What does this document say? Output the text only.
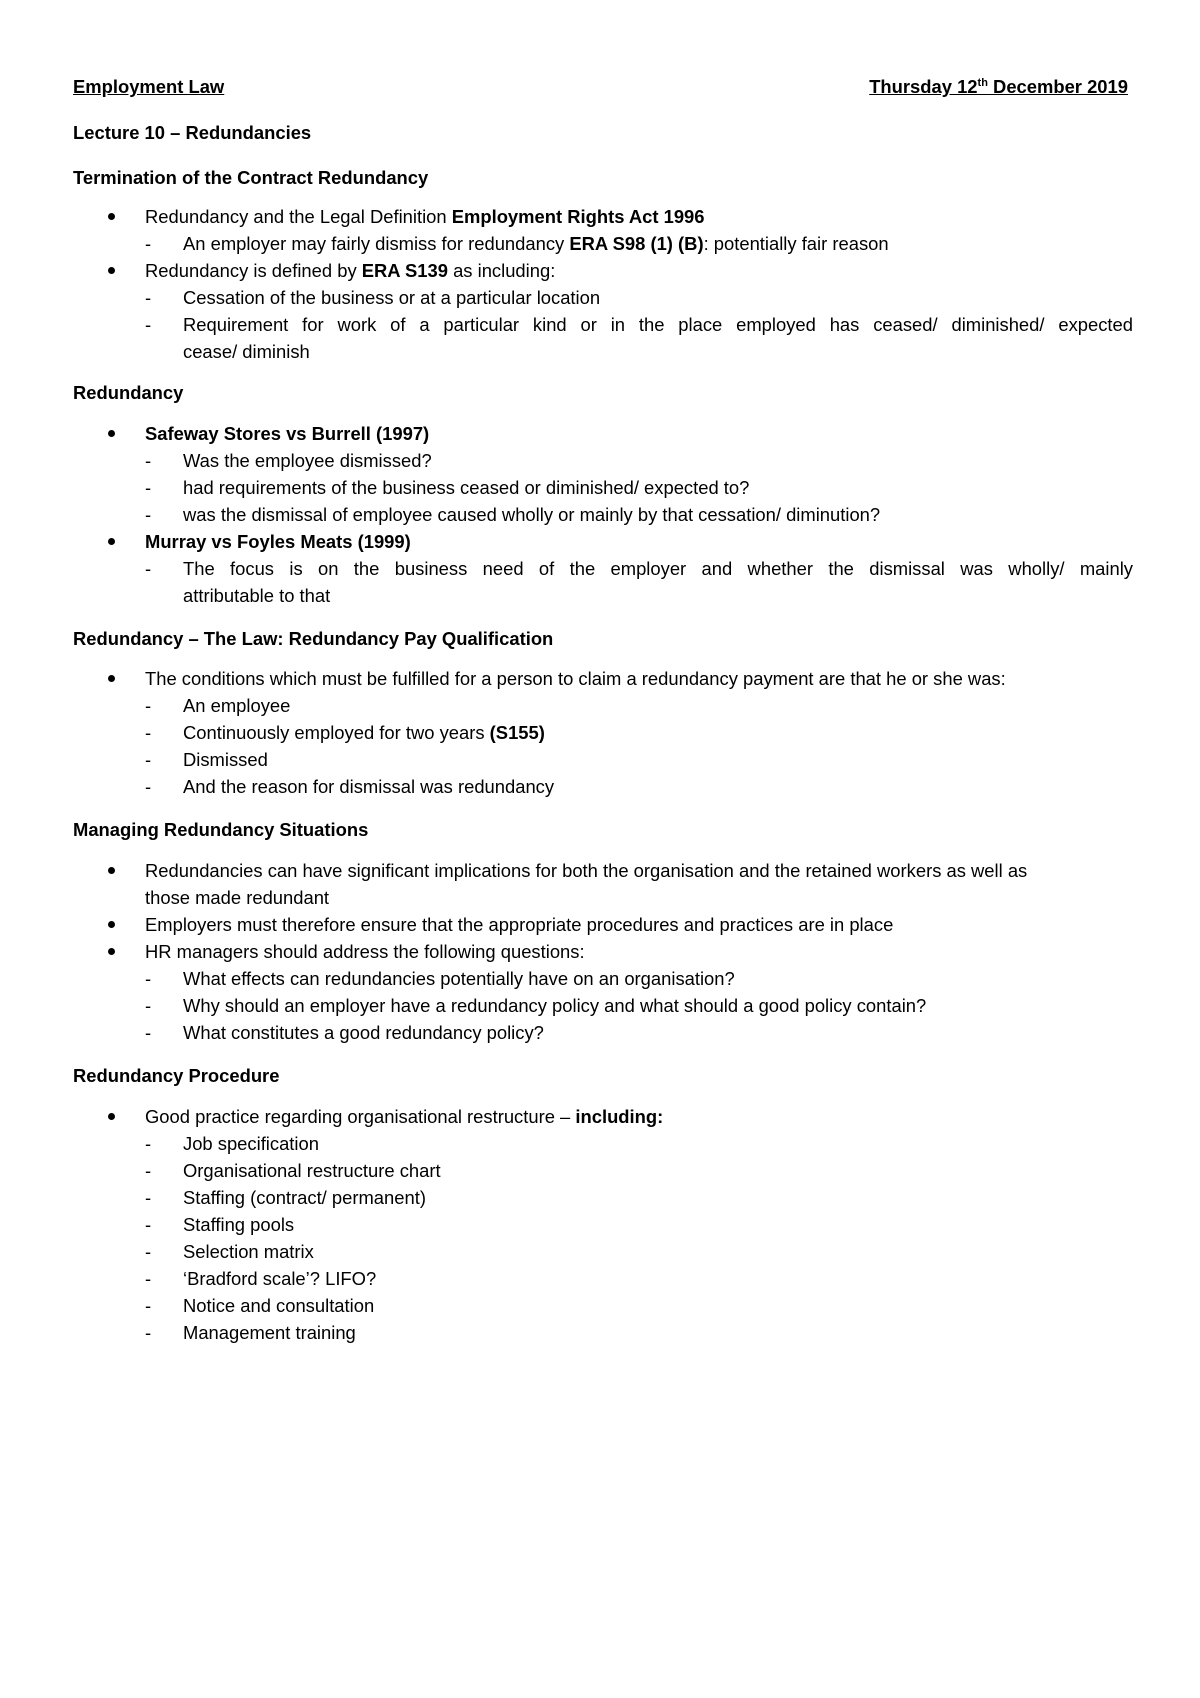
Employment Law	Thursday 12th December 2019
Lecture 10 – Redundancies
Termination of the Contract Redundancy
Redundancy and the Legal Definition Employment Rights Act 1996
- An employer may fairly dismiss for redundancy ERA S98 (1) (B): potentially fair reason
Redundancy is defined by ERA S139 as including:
- Cessation of the business or at a particular location
- Requirement for work of a particular kind or in the place employed has ceased/ diminished/ expected
cease/ diminish
Redundancy
Safeway Stores vs Burrell (1997)
- Was the employee dismissed?
- had requirements of the business ceased or diminished/ expected to?
- was the dismissal of employee caused wholly or mainly by that cessation/ diminution?
Murray vs Foyles Meats (1999)
- The focus is on the business need of the employer and whether the dismissal was wholly/ mainly
attributable to that
Redundancy – The Law: Redundancy Pay Qualification
The conditions which must be fulfilled for a person to claim a redundancy payment are that he or she was:
- An employee
- Continuously employed for two years (S155)
- Dismissed
- And the reason for dismissal was redundancy
Managing Redundancy Situations
Redundancies can have significant implications for both the organisation and the retained workers as well as
those made redundant
Employers must therefore ensure that the appropriate procedures and practices are in place
HR managers should address the following questions:
- What effects can redundancies potentially have on an organisation?
- Why should an employer have a redundancy policy and what should a good policy contain?
- What constitutes a good redundancy policy?
Redundancy Procedure
Good practice regarding organisational restructure – including:
- Job specification
- Organisational restructure chart
- Staffing (contract/ permanent)
- Staffing pools
- Selection matrix
- ‘Bradford scale’? LIFO?
- Notice and consultation
- Management training
